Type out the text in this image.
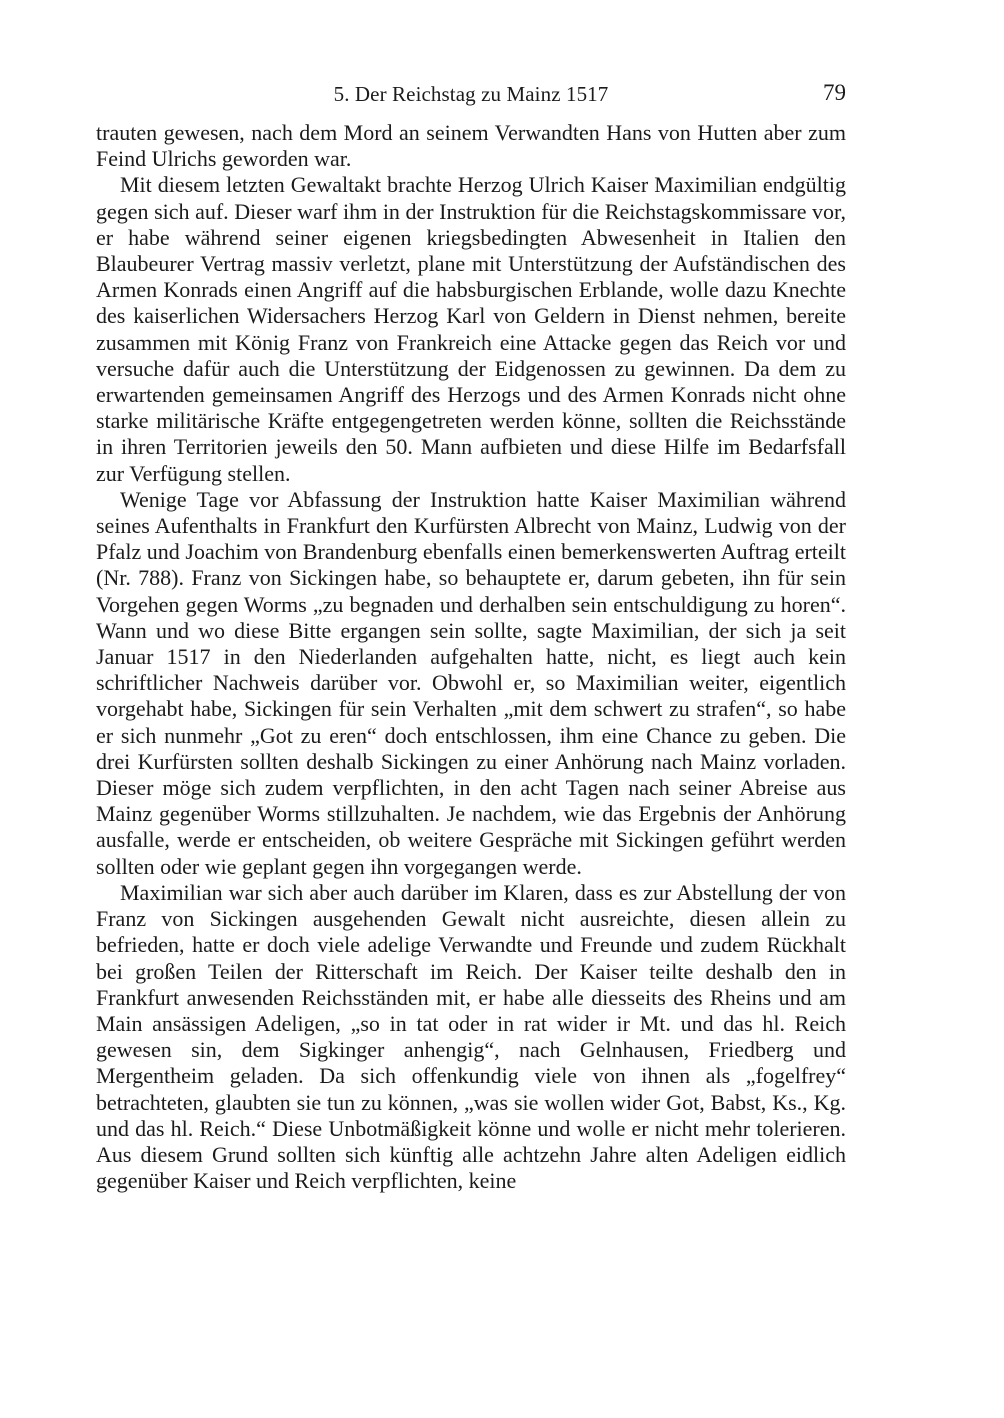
5. Der Reichstag zu Mainz 1517	79

trauten gewesen, nach dem Mord an seinem Verwandten Hans von Hutten aber zum Feind Ulrichs geworden war.

Mit diesem letzten Gewaltakt brachte Herzog Ulrich Kaiser Maximilian endgültig gegen sich auf. Dieser warf ihm in der Instruktion für die Reichstagskommissare vor, er habe während seiner eigenen kriegsbedingten Abwesenheit in Italien den Blaubeurer Vertrag massiv verletzt, plane mit Unterstützung der Aufständischen des Armen Konrads einen Angriff auf die habsburgischen Erblande, wolle dazu Knechte des kaiserlichen Widersachers Herzog Karl von Geldern in Dienst nehmen, bereite zusammen mit König Franz von Frankreich eine Attacke gegen das Reich vor und versuche dafür auch die Unterstützung der Eidgenossen zu gewinnen. Da dem zu erwartenden gemeinsamen Angriff des Herzogs und des Armen Konrads nicht ohne starke militärische Kräfte entgegengetreten werden könne, sollten die Reichsstände in ihren Territorien jeweils den 50. Mann aufbieten und diese Hilfe im Bedarfsfall zur Verfügung stellen.

Wenige Tage vor Abfassung der Instruktion hatte Kaiser Maximilian während seines Aufenthalts in Frankfurt den Kurfürsten Albrecht von Mainz, Ludwig von der Pfalz und Joachim von Brandenburg ebenfalls einen bemerkenswerten Auftrag erteilt (Nr. 788). Franz von Sickingen habe, so behauptete er, darum gebeten, ihn für sein Vorgehen gegen Worms „zu begnaden und derhalben sein entschuldigung zu horen“. Wann und wo diese Bitte ergangen sein sollte, sagte Maximilian, der sich ja seit Januar 1517 in den Niederlanden aufgehalten hatte, nicht, es liegt auch kein schriftlicher Nachweis darüber vor. Obwohl er, so Maximilian weiter, eigentlich vorgehabt habe, Sickingen für sein Verhalten „mit dem schwert zu strafen“, so habe er sich nunmehr „Got zu eren“ doch entschlossen, ihm eine Chance zu geben. Die drei Kurfürsten sollten deshalb Sickingen zu einer Anhörung nach Mainz vorladen. Dieser möge sich zudem verpflichten, in den acht Tagen nach seiner Abreise aus Mainz gegenüber Worms stillzuhalten. Je nachdem, wie das Ergebnis der Anhörung ausfalle, werde er entscheiden, ob weitere Gespräche mit Sickingen geführt werden sollten oder wie geplant gegen ihn vorgegangen werde.

Maximilian war sich aber auch darüber im Klaren, dass es zur Abstellung der von Franz von Sickingen ausgehenden Gewalt nicht ausreichte, diesen allein zu befrieden, hatte er doch viele adelige Verwandte und Freunde und zudem Rückhalt bei großen Teilen der Ritterschaft im Reich. Der Kaiser teilte deshalb den in Frankfurt anwesenden Reichsständen mit, er habe alle diesseits des Rheins und am Main ansässigen Adeligen, „so in tat oder in rat wider ir Mt. und das hl. Reich gewesen sin, dem Sigkinger anhengig“, nach Gelnhausen, Friedberg und Mergentheim geladen. Da sich offenkundig viele von ihnen als „fogelfrey“ betrachteten, glaubten sie tun zu können, „was sie wollen wider Got, Babst, Ks., Kg. und das hl. Reich.“ Diese Unbotmäßigkeit könne und wolle er nicht mehr tolerieren. Aus diesem Grund sollten sich künftig alle achtzehn Jahre alten Adeligen eidlich gegenüber Kaiser und Reich verpflichten, keine
